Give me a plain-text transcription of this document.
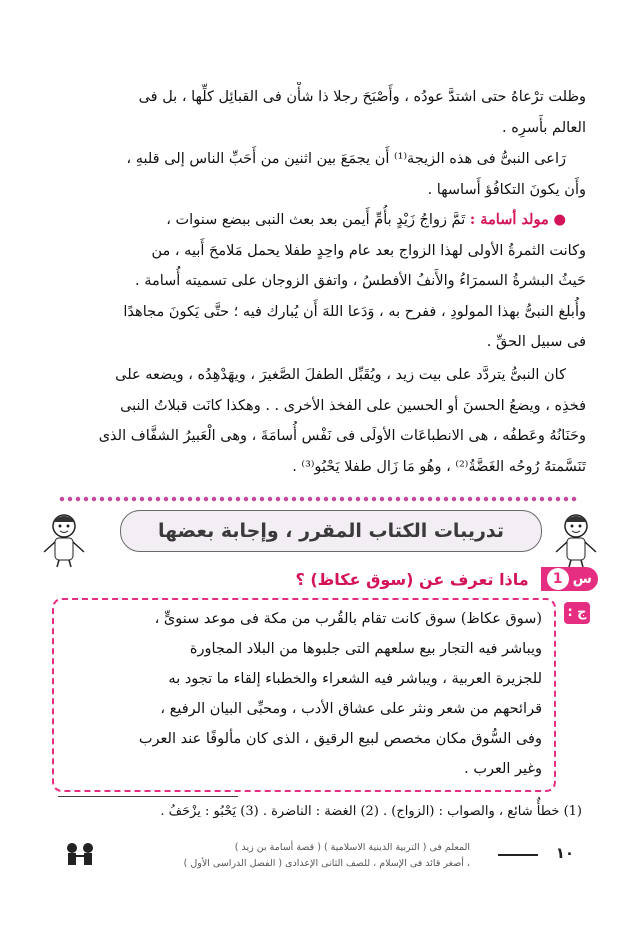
وظلت ترْعاهُ حتى اشتدَّ عودُه ، وأَصْبَحَ رجلا ذا شأْن فى القبائِل كلِّها ، بل فى
العالم بأَسرِه .
رَاعى النبىُّ فى هذه الزيجة⁽¹⁾ أَن يجمَعَ بين اثنين من أَحَبِّ الناس إلى قلبهِ ،
وأَن يكونَ التكافُؤ أَساسها .
● مولد أسامة : تَمَّ زواجُ زَيْدٍ بأُمِّ أَيمن بعد بعث النبى ببضع سنوات ،
وكانت الثمرةُ الأولى لهذا الزواج بعد عام واحِدٍ طفلا يحمل مَلامحَ أَبيه ، من
حَيثُ البشرةُ السمرَاءُ والأَنفُ الأفطسُ ، واتفق الزوجان على تسميته أُسامة .
وأُبلغ النبىُّ بهذا المولودِ ، ففرح به ، وَدَعا اللهَ أَن يُبارك فيه ؛ حتَّى يَكونَ مجاهدًا
فى سبيل الحقِّ .
كان النبىُّ يتردَّد على بيت زيد ، ويُقَبِّل الطفلَ الصَّغيرَ ، ويهَدْهِدُه ، ويضعه على
فخذِه ، ويضعُ الحسنَ أو الحسين على الفخذ الأخرى . . وهكذا كانَت قبلاتُ النبى
وحَنَانُهُ وعَطفُه ، هى الانطباعَات الأولَى فى نَفْس أُسامَةَ ، وهى الْعَبيرُ الشفَّاف الذى
تَنَسَّمتهُ رُوحُه الغَضَّةُ⁽²⁾ ، وهُو مَا زَال طفلا يَحْبُو⁽³⁾ .
تدريبات الكتاب المقرر ، وإجابة بعضها
س
1
ماذا تعرف عن (سوق عكاظ) ؟
ج :
(سوق عكاظ) سوق كانت تقام بالقُرب من مكة فى موعد سنوىٍّ ،
ويباشر فيه التجار بيع سلعهم التى جلبوها من البلاد المجاورة
للجزيرة العربية ، ويباشر فيه الشعراء والخطباء إلقاء ما تجود به
قرائحهم من شعر ونثر على عشاق الأدب ، ومحبِّى البيان الرفيع ،
وفى السُّوق مكان مخصص لبيع الرقيق ، الذى كان مألوفًا عند العرب
وغير العرب .
(1) خطأٌ شائع ، والصواب : (الزواج) . (2) الغضة : الناضرة . (3) يَحْبُو : يزْحَفُ .
١٠
المعلم فى ( التربية الدينية الاسلامية ) ( قصة أسامة بن زيد )
، أصغر قائد فى الإسلام ، للصف الثانى الإعدادى ( الفصل الدراسى الأول )
